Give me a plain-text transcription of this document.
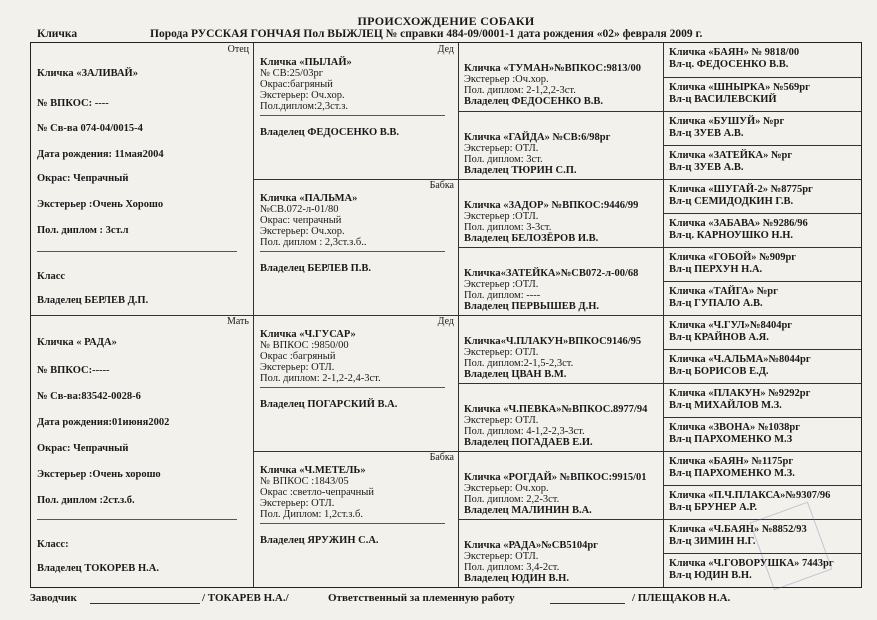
ПРОИСХОЖДЕНИЕ СОБАКИ
Кличка	Порода РУССКАЯ ГОНЧАЯ Пол ВЫЖЛЕЦ № справки 484-09/0001-1 дата рождения «02» февраля 2009 г.
Отец
Кличка «ЗАЛИВАЙ»
№ ВПКОС: ----
№ Св-ва 074-04/0015-4
Дата рождения: 11мая2004
Окрас: Чепрачный
Экстерьер :Очень Хорошо
Пол. диплом : 3ст.л
Класс
Владелец БЕРЛЕВ Д.П.
Мать
Кличка « РАДА»
№ ВПКОС:-----
№ Св-ва:83542-0028-6
Дата рождения:01июня2002
Окрас: Чепрачный
Экстерьер :Очень хорошо
Пол. диплом :2ст.з.б.
Класс:
Владелец ТОКОРЕВ Н.А.
Дед
Кличка «ПЫЛАЙ»
№ СВ:25/03рг
Окрас:багряный
Экстерьер: Оч.хор.
Пол.диплом:2,3ст.з.
Владелец ФЕДОСЕНКО В.В.
Бабка
Кличка «ПАЛЬМА»
№СВ.072-л-01/80
Окрас: чепрачный
Экстерьер: Оч.хор.
Пол. диплом : 2,3ст.з.б..
Владелец БЕРЛЕВ П.В.
Дед
Кличка «Ч.ГУСАР»
№ ВПКОС :9850/00
Окрас :багряный
Экстерьер: ОТЛ.
Пол. диплом: 2-1,2-2,4-3ст.
Владелец ПОГАРСКИЙ В.А.
Бабка
Кличка «Ч.МЕТЕЛЬ»
№ ВПКОС :1843/05
Окрас :светло-чепрачный
Экстерьер: ОТЛ.
Пол. Диплом: 1,2ст.з.б.
Владелец ЯРУЖИН С.А.
Кличка «ТУМАН»№ВПКОС:9813/00
Экстерьер :Оч.хор.
Пол. диплом: 2-1,2,2-3ст.
Владелец ФЕДОСЕНКО В.В.
Кличка «ГАЙДА» №СВ:6/98рг
Экстерьер: ОТЛ.
Пол. диплом: 3ст.
Владелец ТЮРИН С.П.
Кличка «ЗАДОР» №ВПКОС:9446/99
Экстерьер :ОТЛ.
Пол. диплом: 3-3ст.
Владелец БЕЛОЗЁРОВ И.В.
Кличка«ЗАТЕЙКА»№СВ072-л-00/68
Экстерьер :ОТЛ.
Пол. диплом: ----
Владелец ПЕРВЫШЕВ Д.Н.
Кличка«Ч.ПЛАКУН»ВПКОС9146/95
Экстерьер: ОТЛ.
Пол. диплом:2-1,5-2,3ст.
Владелец ЦВАН В.М.
Кличка «Ч.ПЕВКА»№ВПКОС.8977/94
Экстерьер: ОТЛ.
Пол. диплом: 4-1,2-2,3-3ст.
Владелец ПОГАДАЕВ Е.И.
Кличка «РОГДАЙ» №ВПКОС:9915/01
Экстерьер: Оч.хор.
Пол. диплом: 2,2-3ст.
Владелец МАЛИНИН В.А.
Кличка «РАДА»№СВ5104рг
Экстерьер: ОТЛ.
Пол. диплом: 3,4-2ст.
Владелец ЮДИН В.Н.
Кличка «БАЯН» № 9818/00
Вл-ц. ФЕДОСЕНКО В.В.
Кличка «ШНЫРКА» №569рг
Вл-ц ВАСИЛЕВСКИЙ
Кличка «БУШУЙ» №рг
Вл-ц ЗУЕВ А.В.
Кличка «ЗАТЕЙКА» №рг
Вл-ц ЗУЕВ А.В.
Кличка «ШУГАЙ-2» №8775рг
Вл-ц СЕМИДОДКИН Г.В.
Кличка «ЗАБАВА» №9286/96
Вл-ц. КАРНОУШКО Н.Н.
Кличка «ГОБОЙ» №909рг
Вл-ц ПЕРХУН Н.А.
Кличка «ТАЙГА» №рг
Вл-ц ГУПАЛО А.В.
Кличка «Ч.ГУЛ»№8404рг
Вл-ц КРАЙНОВ А.Я.
Кличка «Ч.АЛЬМА»№8044рг
Вл-ц БОРИСОВ Е.Д.
Кличка «ПЛАКУН» №9292рг
Вл-ц МИХАЙЛОВ М.З.
Кличка «ЗВОНА» №1038рг
Вл-ц ПАРХОМЕНКО М.З
Кличка «БАЯН» №1175рг
Вл-ц ПАРХОМЕНКО М.З.
Кличка «П.Ч.ПЛАКСА»№9307/96
Вл-ц БРУНЕР А.Р.
Кличка «Ч.БАЯН» №8852/93
Вл-ц ЗИМИН Н.Г.
Кличка «Ч.ГОВОРУШКА» 7443рг
Вл-ц ЮДИН В.Н.
Заводчик	/ ТОКАРЕВ Н.А./	Ответственный за племенную работу	/ ПЛЕЩАКОВ Н.А.
